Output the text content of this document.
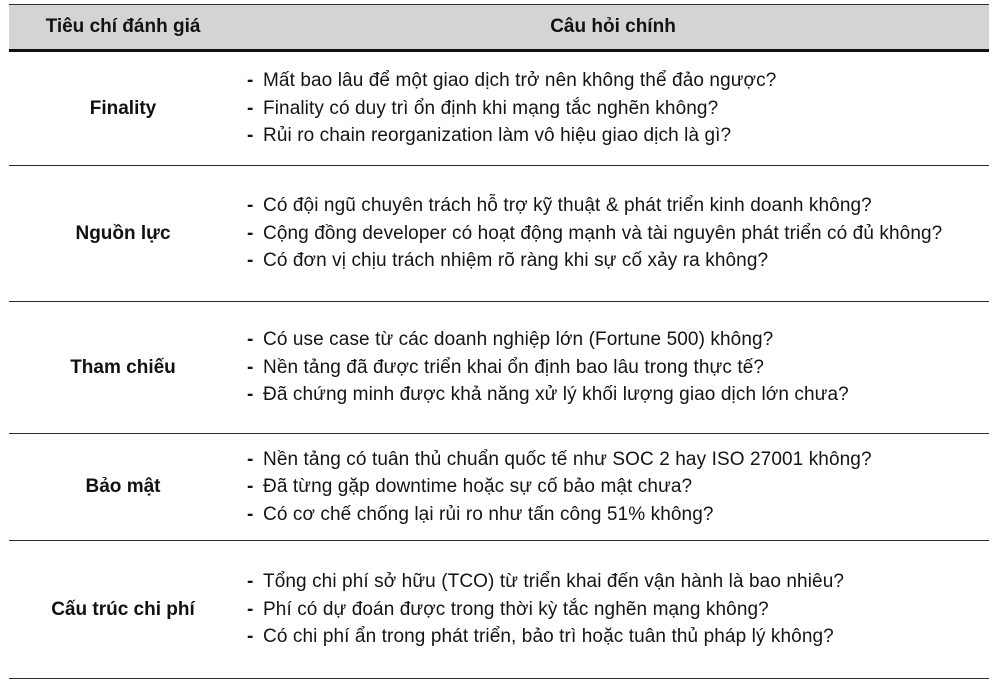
Tiêu chí đánh giá	Câu hỏi chính
Finality
- Mất bao lâu để một giao dịch trở nên không thể đảo ngược?
- Finality có duy trì ổn định khi mạng tắc nghẽn không?
- Rủi ro chain reorganization làm vô hiệu giao dịch là gì?
Nguồn lực
- Có đội ngũ chuyên trách hỗ trợ kỹ thuật & phát triển kinh doanh không?
- Cộng đồng developer có hoạt động mạnh và tài nguyên phát triển có đủ không?
- Có đơn vị chịu trách nhiệm rõ ràng khi sự cố xảy ra không?
Tham chiếu
- Có use case từ các doanh nghiệp lớn (Fortune 500) không?
- Nền tảng đã được triển khai ổn định bao lâu trong thực tế?
- Đã chứng minh được khả năng xử lý khối lượng giao dịch lớn chưa?
Bảo mật
- Nền tảng có tuân thủ chuẩn quốc tế như SOC 2 hay ISO 27001 không?
- Đã từng gặp downtime hoặc sự cố bảo mật chưa?
- Có cơ chế chống lại rủi ro như tấn công 51% không?
Cấu trúc chi phí
- Tổng chi phí sở hữu (TCO) từ triển khai đến vận hành là bao nhiêu?
- Phí có dự đoán được trong thời kỳ tắc nghẽn mạng không?
- Có chi phí ẩn trong phát triển, bảo trì hoặc tuân thủ pháp lý không?
